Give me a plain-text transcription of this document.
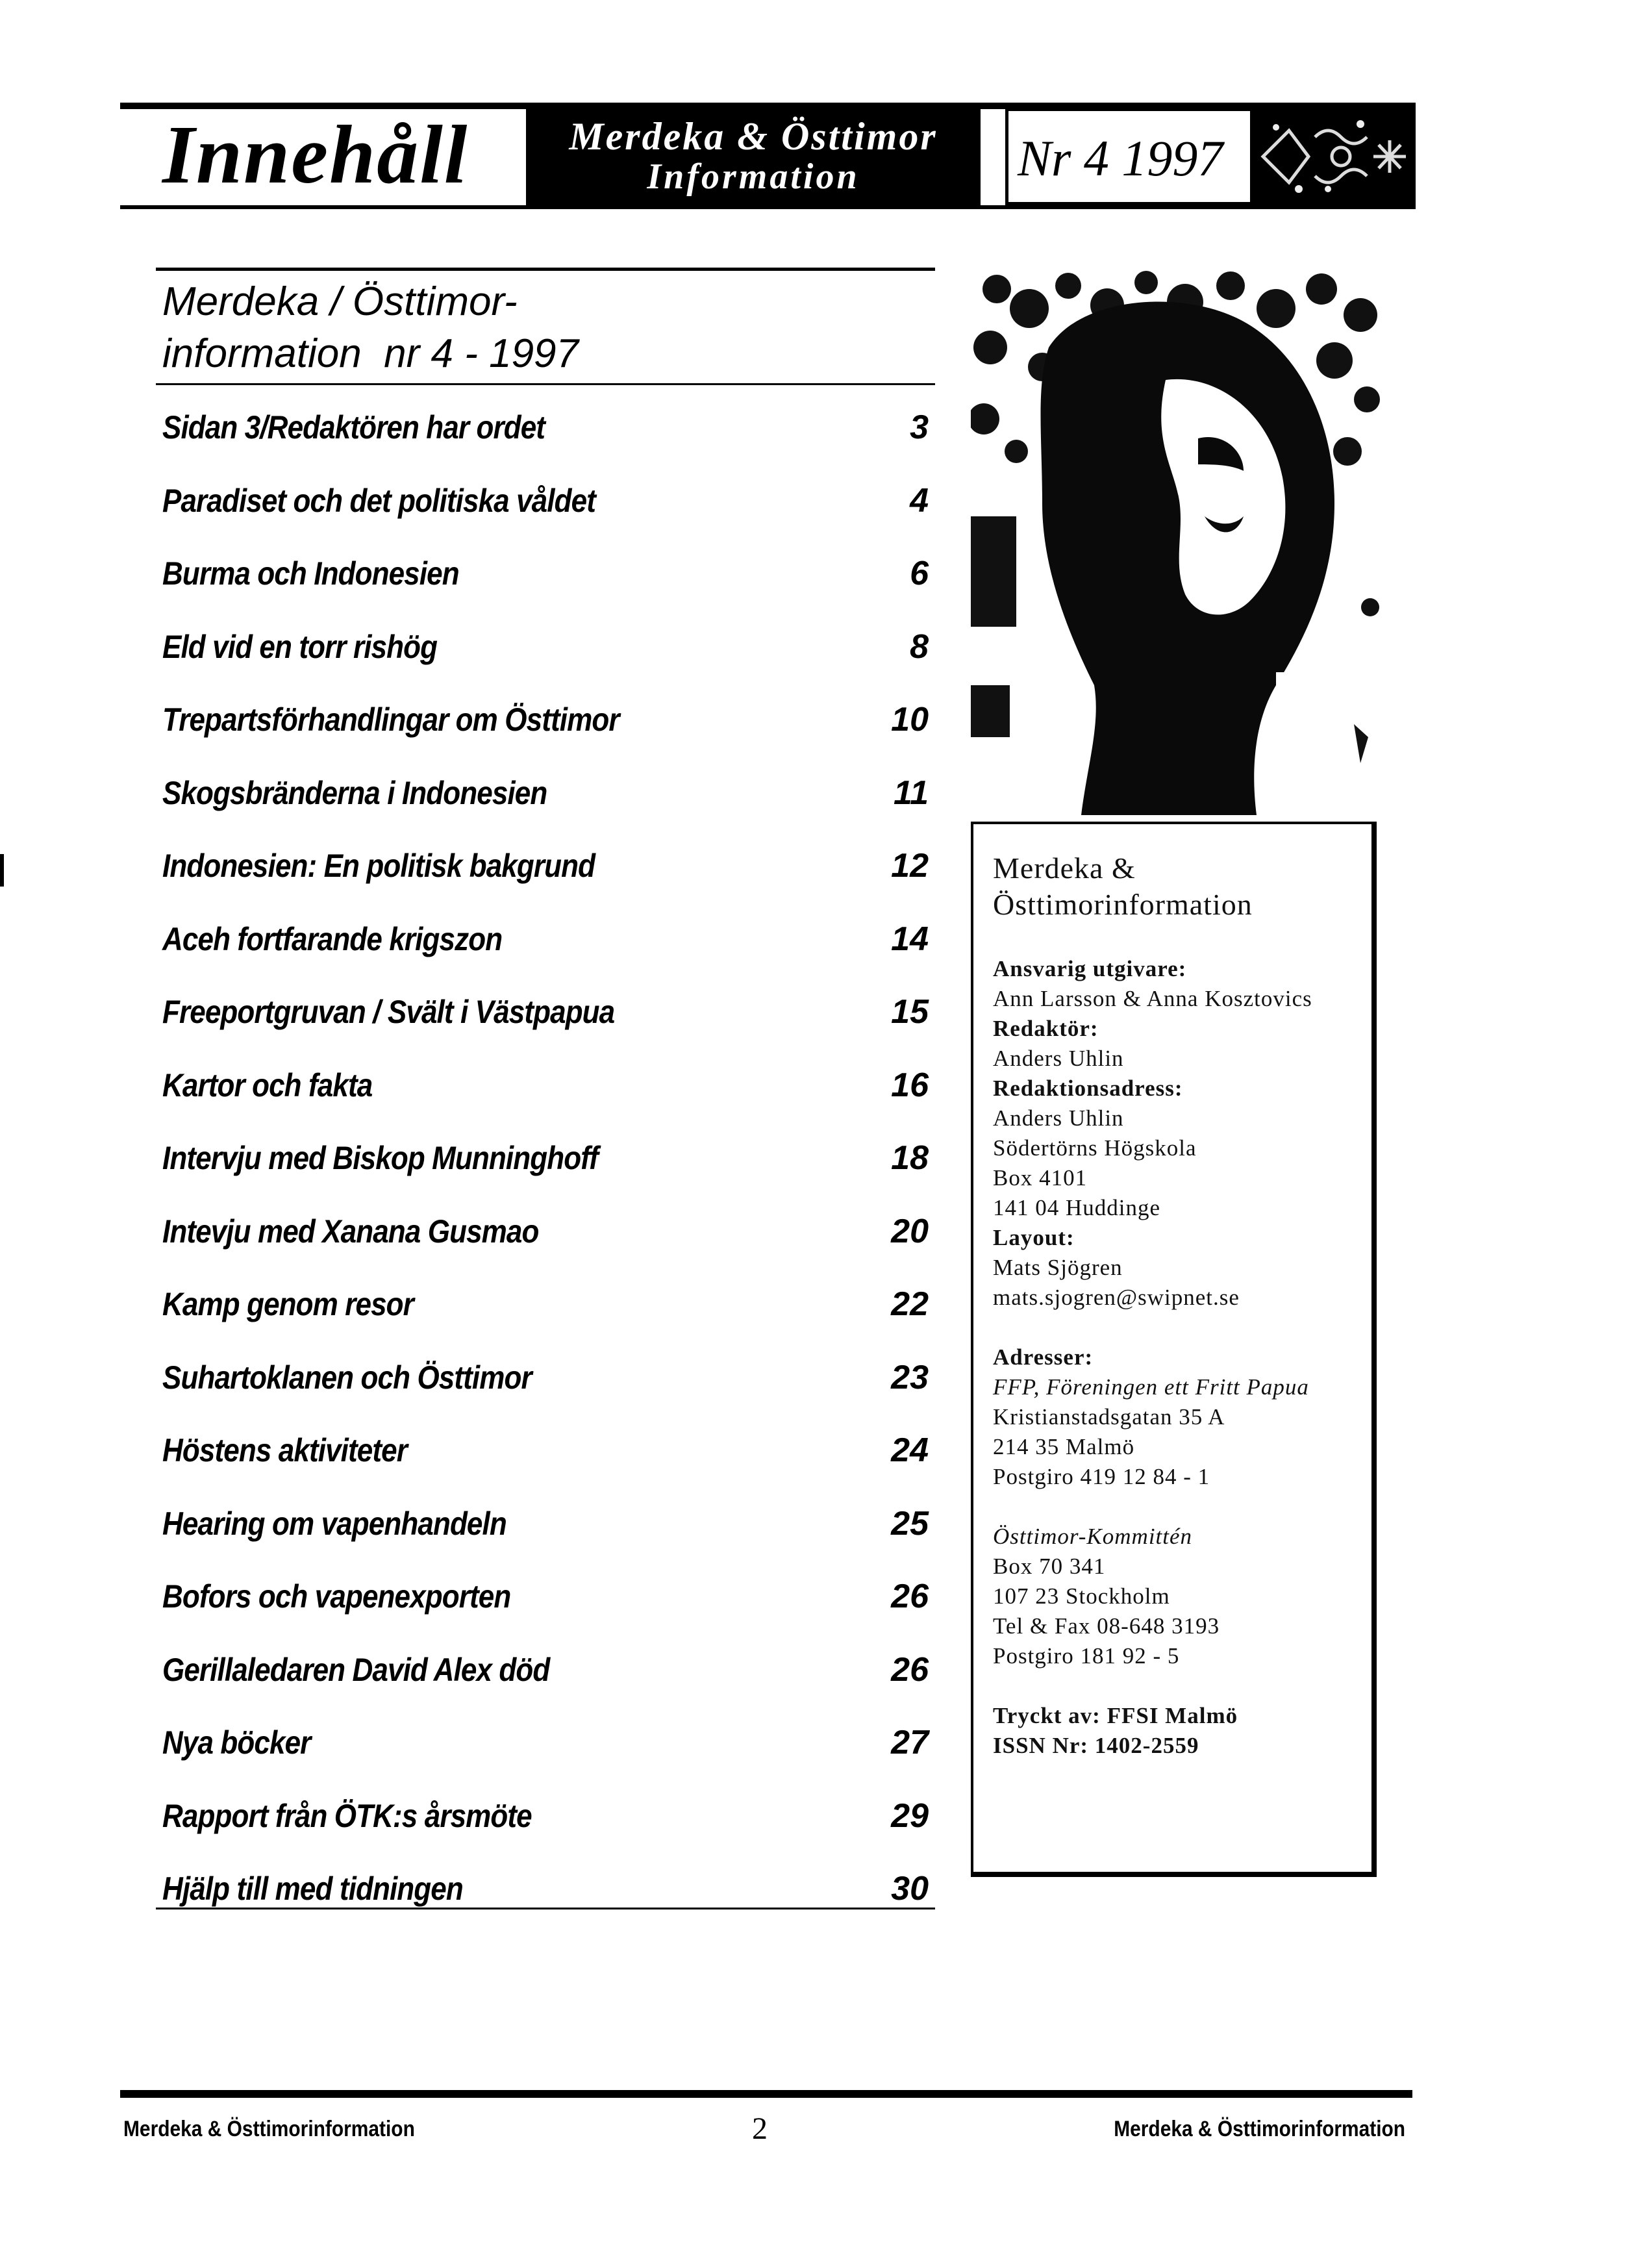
Innehåll	Merdeka & Östtimor
Information	Nr 4 1997
Merdeka / Östtimor-
information  nr 4 - 1997
Sidan 3/Redaktören har ordet	3
Paradiset och det politiska våldet	4
Burma och Indonesien	6
Eld vid en torr rishög	8
Trepartsförhandlingar om Östtimor	10
Skogsbränderna i Indonesien	11
Indonesien: En politisk bakgrund	12
Aceh fortfarande krigszon	14
Freeportgruvan / Svält i Västpapua	15
Kartor och fakta	16
Intervju med Biskop Munninghoff	18
Intevju med Xanana Gusmao	20
Kamp genom resor	22
Suhartoklanen och Östtimor	23
Höstens aktiviteter	24
Hearing om vapenhandeln	25
Bofors och vapenexporten	26
Gerillaledaren David Alex död	26
Nya böcker	27
Rapport från ÖTK:s årsmöte	29
Hjälp till med tidningen	30
Merdeka &
Östtimorinformation
Ansvarig utgivare:
Ann Larsson & Anna Kosztovics
Redaktör:
Anders Uhlin
Redaktionsadress:
Anders Uhlin
Södertörns Högskola
Box 4101
141 04 Huddinge
Layout:
Mats Sjögren
mats.sjogren@swipnet.se
Adresser:
FFP, Föreningen ett Fritt Papua
Kristianstadsgatan 35 A
214 35 Malmö
Postgiro 419 12 84 - 1
Östtimor-Kommittén
Box 70 341
107 23 Stockholm
Tel & Fax 08-648 3193
Postgiro 181 92 - 5
Tryckt av: FFSI Malmö
ISSN Nr: 1402-2559
Merdeka & Östtimorinformation	2	Merdeka & Östtimorinformation
